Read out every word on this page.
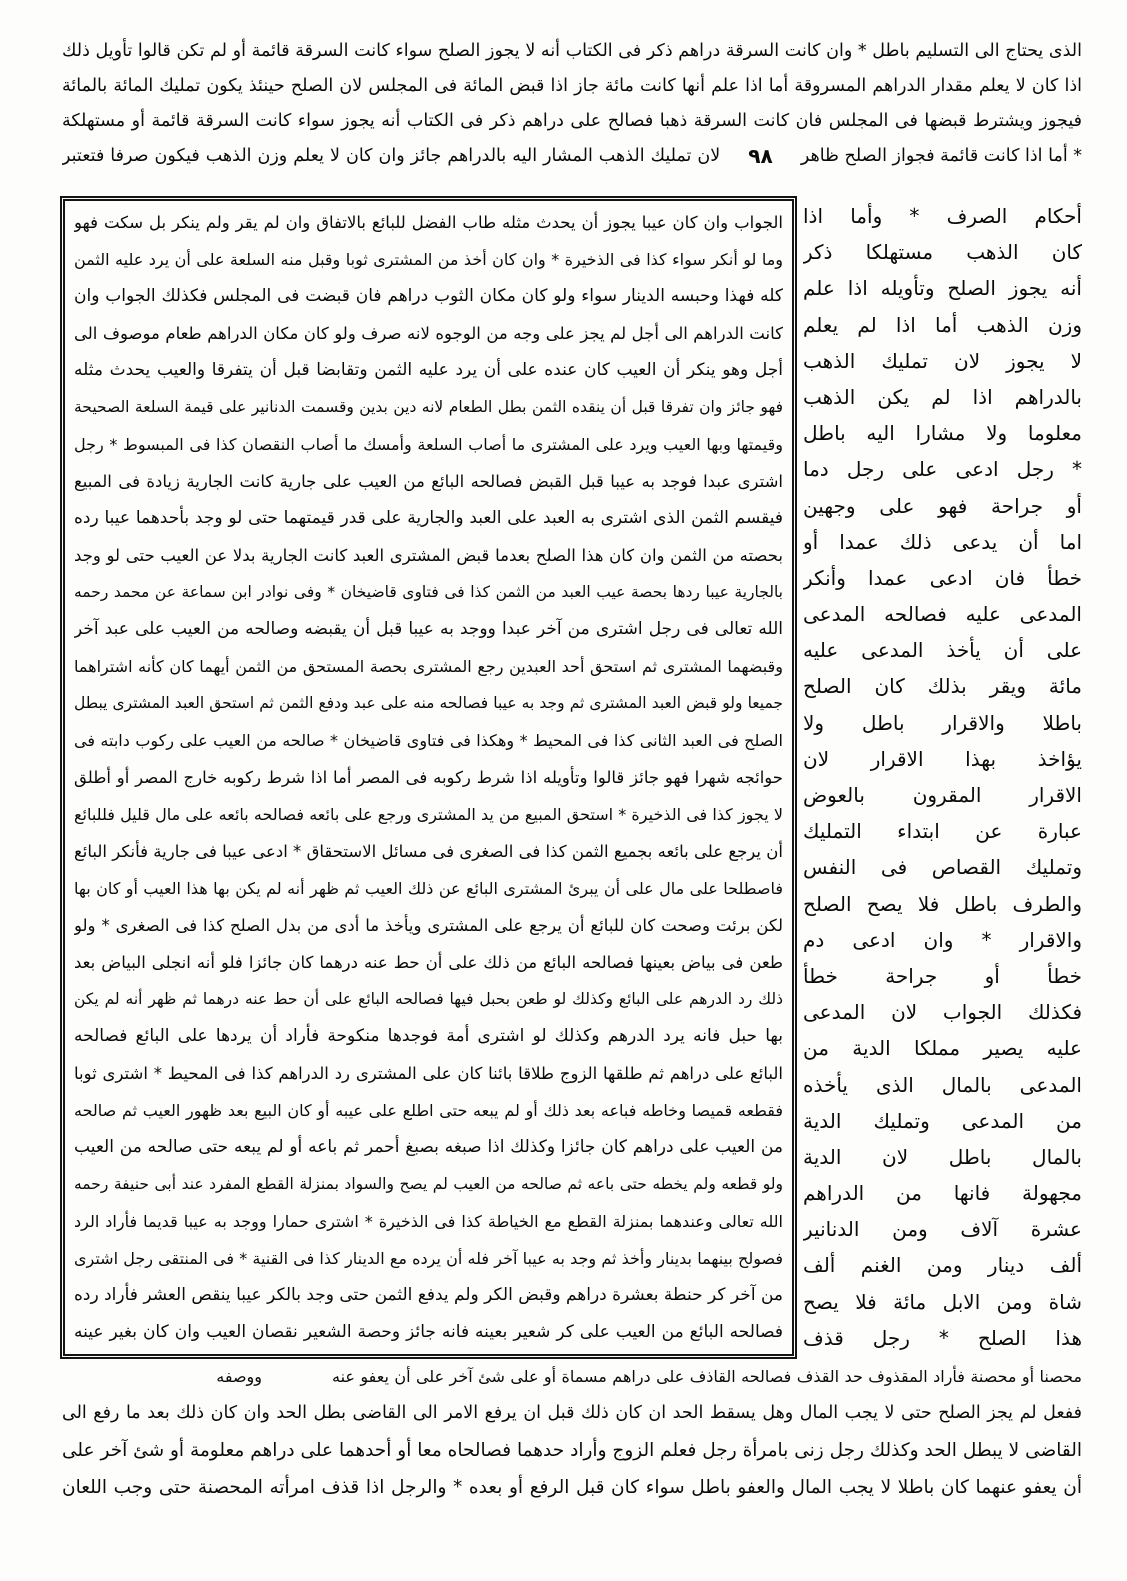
الذى يحتاج الى التسليم باطل * وان كانت السرقة دراهم ذكر فى الكتاب أنه لا يجوز الصلح سواء كانت السرقة قائمة أو لم تكن قالوا تأويل ذلك
اذا كان لا يعلم مقدار الدراهم المسروقة أما اذا علم أنها كانت مائة جاز اذا قبض المائة فى المجلس لان الصلح حينئذ يكون تمليك المائة بالمائة
فيجوز ويشترط قبضها فى المجلس فان كانت السرقة ذهبا فصالح على دراهم ذكر فى الكتاب أنه يجوز سواء كانت السرقة قائمة أو مستهلكة
* أما اذا كانت قائمة فجواز الصلح ظاهر
٩٨
لان تمليك الذهب المشار اليه بالدراهم جائز وان كان لا يعلم وزن الذهب فيكون صرفا فتعتبر
الجواب وان كان عيبا يجوز أن يحدث مثله طاب الفضل للبائع بالاتفاق وان لم يقر ولم ينكر بل سكت فهو
وما لو أنكر سواء كذا فى الذخيرة * وان كان أخذ من المشترى ثوبا وقبل منه السلعة على أن يرد عليه الثمن
كله فهذا وحبسه الدينار سواء ولو كان مكان الثوب دراهم فان قبضت فى المجلس فكذلك الجواب وان
كانت الدراهم الى أجل لم يجز على وجه من الوجوه لانه صرف ولو كان مكان الدراهم طعام موصوف الى
أجل وهو ينكر أن العيب كان عنده على أن يرد عليه الثمن وتقابضا قبل أن يتفرقا والعيب يحدث مثله
فهو جائز وان تفرقا قبل أن ينقده الثمن بطل الطعام لانه دين بدين وقسمت الدنانير على قيمة السلعة الصحيحة
وقيمتها وبها العيب ويرد على المشترى ما أصاب السلعة وأمسك ما أصاب النقصان كذا فى المبسوط * رجل
اشترى عبدا فوجد به عيبا قبل القبض فصالحه البائع من العيب على جارية كانت الجارية زيادة فى المبيع
فيقسم الثمن الذى اشترى به العبد على العبد والجارية على قدر قيمتهما حتى لو وجد بأحدهما عيبا رده
بحصته من الثمن وان كان هذا الصلح بعدما قبض المشترى العبد كانت الجارية بدلا عن العيب حتى لو وجد
بالجارية عيبا ردها بحصة عيب العبد من الثمن كذا فى فتاوى قاضيخان * وفى نوادر ابن سماعة عن محمد رحمه
الله تعالى فى رجل اشترى من آخر عبدا ووجد به عيبا قبل أن يقبضه وصالحه من العيب على عبد آخر
وقبضهما المشترى ثم استحق أحد العبدين رجع المشترى بحصة المستحق من الثمن أيهما كان كأنه اشتراهما
جميعا ولو قبض العبد المشترى ثم وجد به عيبا فصالحه منه على عبد ودفع الثمن ثم استحق العبد المشترى يبطل
الصلح فى العبد الثانى كذا فى المحيط * وهكذا فى فتاوى قاضيخان * صالحه من العيب على ركوب دابته فى
حوائجه شهرا فهو جائز قالوا وتأويله اذا شرط ركوبه فى المصر أما اذا شرط ركوبه خارج المصر أو أطلق
لا يجوز كذا فى الذخيرة * استحق المبيع من يد المشترى ورجع على بائعه فصالحه بائعه على مال قليل فللبائع
أن يرجع على بائعه بجميع الثمن كذا فى الصغرى فى مسائل الاستحقاق * ادعى عيبا فى جارية فأنكر البائع
فاصطلحا على مال على أن يبرئ المشترى البائع عن ذلك العيب ثم ظهر أنه لم يكن بها هذا العيب أو كان بها
لكن برئت وصحت كان للبائع أن يرجع على المشترى ويأخذ ما أدى من بدل الصلح كذا فى الصغرى * ولو
طعن فى بياض بعينها فصالحه البائع من ذلك على أن حط عنه درهما كان جائزا فلو أنه انجلى البياض بعد
ذلك رد الدرهم على البائع وكذلك لو طعن بحبل فيها فصالحه البائع على أن حط عنه درهما ثم ظهر أنه لم يكن
بها حبل فانه يرد الدرهم وكذلك لو اشترى أمة فوجدها منكوحة فأراد أن يردها على البائع فصالحه
البائع على دراهم ثم طلقها الزوج طلاقا بائنا كان على المشترى رد الدراهم كذا فى المحيط * اشترى ثوبا
فقطعه قميصا وخاطه فباعه بعد ذلك أو لم يبعه حتى اطلع على عيبه أو كان البيع بعد ظهور العيب ثم صالحه
من العيب على دراهم كان جائزا وكذلك اذا صبغه بصبغ أحمر ثم باعه أو لم يبعه حتى صالحه من العيب
ولو قطعه ولم يخطه حتى باعه ثم صالحه من العيب لم يصح والسواد بمنزلة القطع المفرد عند أبى حنيفة رحمه
الله تعالى وعندهما بمنزلة القطع مع الخياطة كذا فى الذخيرة * اشترى حمارا ووجد به عيبا قديما فأراد الرد
فصولح بينهما بدينار وأخذ ثم وجد به عيبا آخر فله أن يرده مع الدينار كذا فى القنية * فى المنتقى رجل اشترى
من آخر كر حنطة بعشرة دراهم وقبض الكر ولم يدفع الثمن حتى وجد بالكر عيبا ينقص العشر فأراد رده
فصالحه البائع من العيب على كر شعير بعينه فانه جائز وحصة الشعير نقصان العيب وان كان بغير عينه
أحكام الصرف * وأما اذا
كان الذهب مستهلكا ذكر
أنه يجوز الصلح وتأويله اذا علم
وزن الذهب أما اذا لم يعلم
لا يجوز لان تمليك الذهب
بالدراهم اذا لم يكن الذهب
معلوما ولا مشارا اليه باطل
* رجل ادعى على رجل دما
أو جراحة فهو على وجهين
اما أن يدعى ذلك عمدا أو
خطأ فان ادعى عمدا وأنكر
المدعى عليه فصالحه المدعى
على أن يأخذ المدعى عليه
مائة ويقر بذلك كان الصلح
باطلا والاقرار باطل ولا
يؤاخذ بهذا الاقرار لان
الاقرار المقرون بالعوض
عبارة عن ابتداء التمليك
وتمليك القصاص فى النفس
والطرف باطل فلا يصح الصلح
والاقرار * وان ادعى دم
خطأ أو جراحة خطأ
فكذلك الجواب لان المدعى
عليه يصير مملكا الدية من
المدعى بالمال الذى يأخذه
من المدعى وتمليك الدية
بالمال باطل لان الدية
مجهولة فانها من الدراهم
عشرة آلاف ومن الدنانير
ألف دينار ومن الغنم ألف
شاة ومن الابل مائة فلا يصح
هذا الصلح * رجل قذف
محصنا أو محصنة فأراد المقذوف حد القذف فصالحه القاذف على دراهم مسماة أو على شئ آخر على أن يعفو عنه
ووصفه
ففعل لم يجز الصلح حتى لا يجب المال وهل يسقط الحد ان كان ذلك قبل ان يرفع الامر الى القاضى بطل الحد وان كان ذلك بعد ما رفع الى
القاضى لا يبطل الحد وكذلك رجل زنى بامرأة رجل فعلم الزوج وأراد حدهما فصالحاه معا أو أحدهما على دراهم معلومة أو شئ آخر على
أن يعفو عنهما كان باطلا لا يجب المال والعفو باطل سواء كان قبل الرفع أو بعده * والرجل اذا قذف امرأته المحصنة حتى وجب اللعان
